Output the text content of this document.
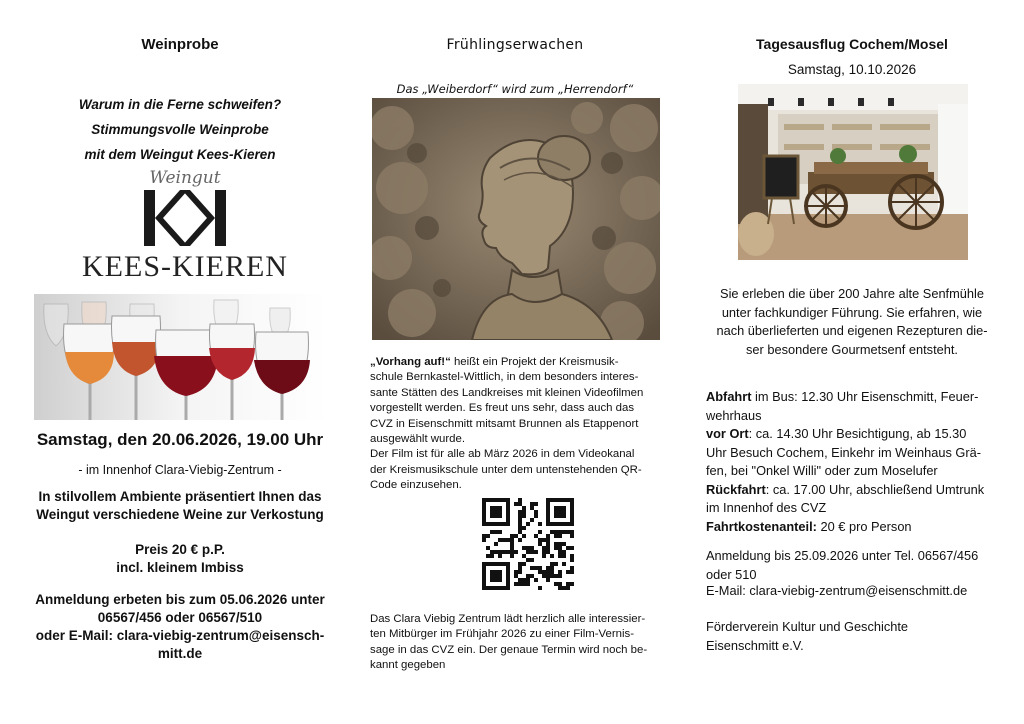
Weinprobe
Warum in die Ferne schweifen?
Stimmungsvolle Weinprobe
mit dem Weingut Kees-Kieren
Weingut
KEES-KIEREN
Samstag, den 20.06.2026, 19.00 Uhr
- im Innenhof Clara-Viebig-Zentrum -
In stilvollem Ambiente präsentiert Ihnen das
Weingut verschiedene Weine zur Verkostung
Preis 20 € p.P.
incl. kleinem Imbiss
Anmeldung erbeten bis zum 05.06.2026 unter
06567/456 oder 06567/510
oder E-Mail: clara-viebig-zentrum@eisensch-
mitt.de
Frühlingserwachen
Das „Weiberdorf“ wird zum „Herrendorf“

„Vorhang auf!“ heißt ein Projekt der Kreismusik-
schule Bernkastel-Wittlich, in dem besonders interes-
sante Stätten des Landkreises mit kleinen Videofilmen
vorgestellt werden. Es freut uns sehr, dass auch das
CVZ in Eisenschmitt mitsamt Brunnen als Etappenort
ausgewählt wurde.

Der Film ist für alle ab März 2026 in dem Videokanal
der Kreismusikschule unter dem untenstehenden QR-
Code einzusehen.

Das Clara Viebig Zentrum lädt herzlich alle interessier-
ten Mitbürger im Frühjahr 2026 zu einer Film-Vernis-
sage in das CVZ ein. Der genaue Termin wird noch be-
kannt gegeben
Tagesausflug Cochem/Mosel
Samstag, 10.10.2026
Sie erleben die über 200 Jahre alte Senfmühle
unter fachkundiger Führung. Sie erfahren, wie
nach überlieferten und eigenen Rezepturen die-
ser besondere Gourmetsenf entsteht.

Abfahrt im Bus: 12.30 Uhr Eisenschmitt, Feuer-
wehrhaus

vor Ort: ca. 14.30 Uhr Besichtigung, ab 15.30
Uhr Besuch Cochem, Einkehr im Weinhaus Grä-
fen, bei "Onkel Willi" oder zum Moselufer

Rückfahrt: ca. 17.00 Uhr, abschließend Umtrunk
im Innenhof des CVZ

Fahrtkostenanteil: 20 € pro Person

Anmeldung bis 25.09.2026 unter Tel. 06567/456
oder 510
E-Mail: clara-viebig-zentrum@eisenschmitt.de
Förderverein Kultur und Geschichte
Eisenschmitt e.V.
